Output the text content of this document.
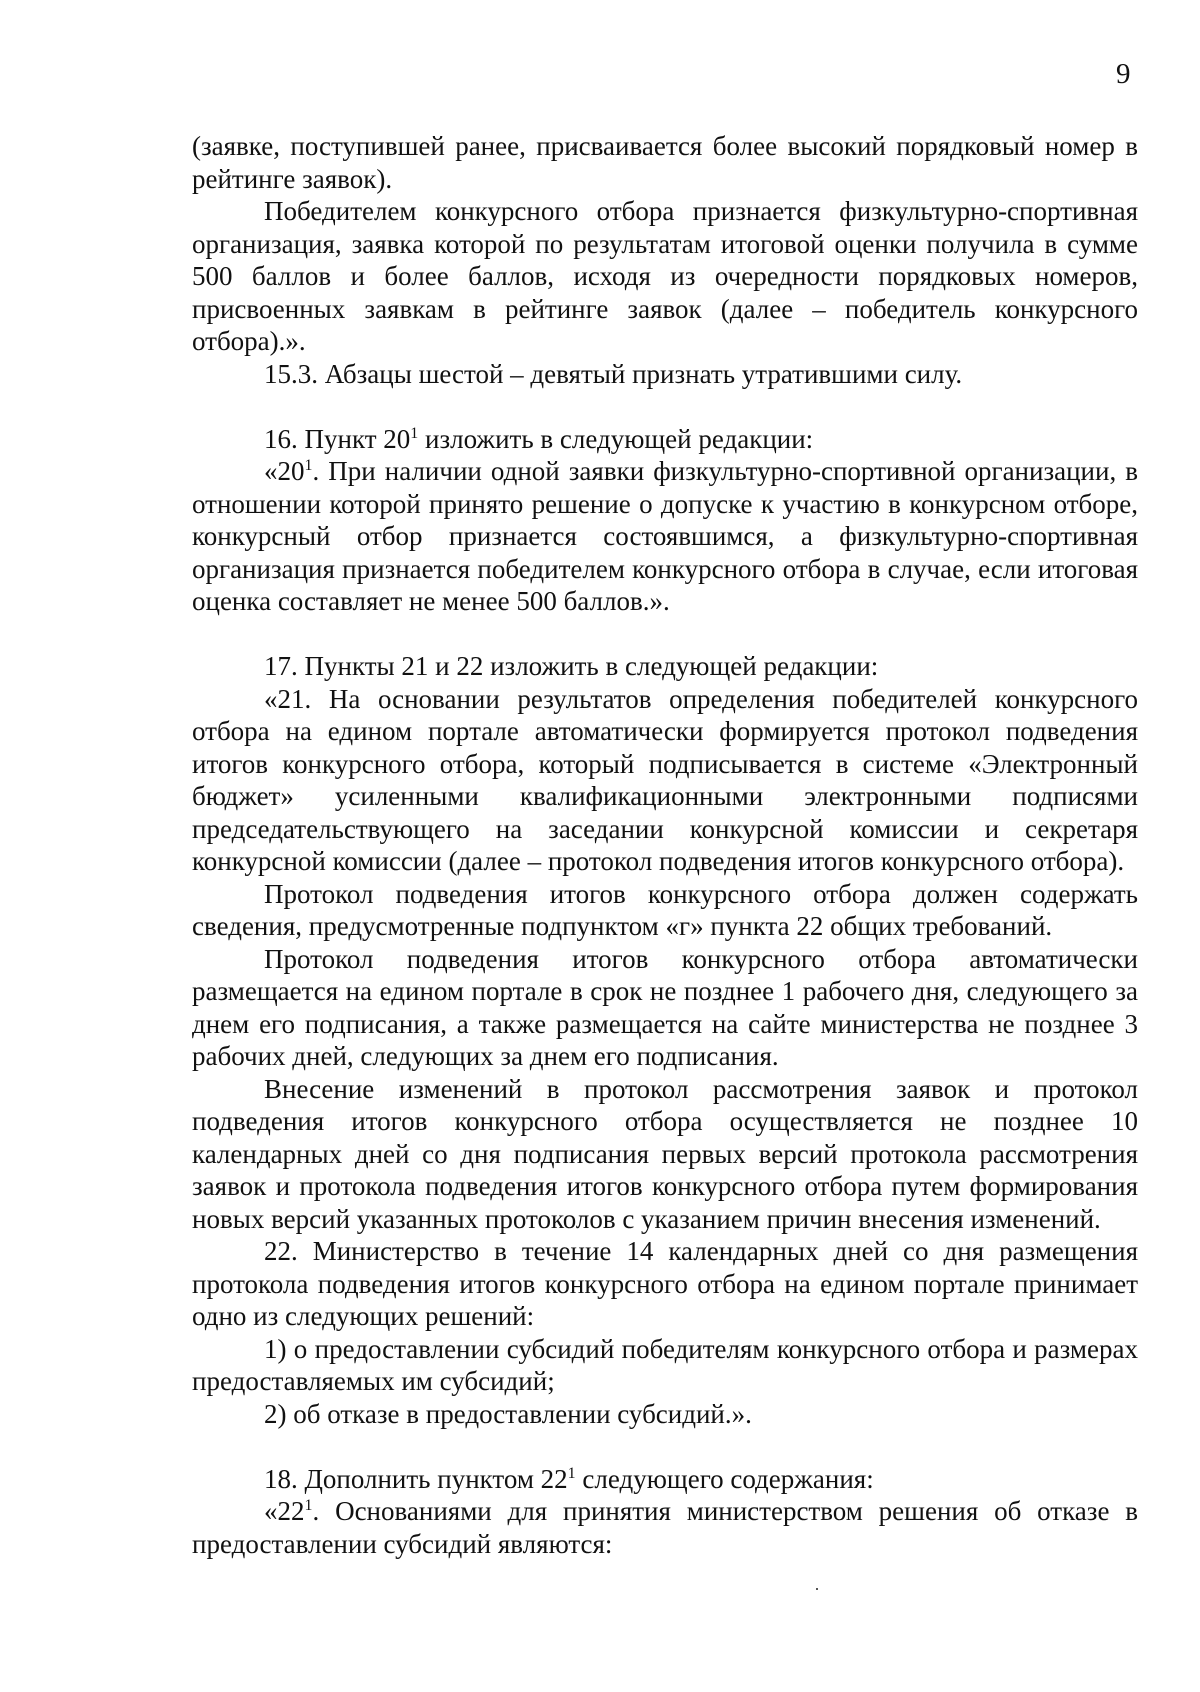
9

(заявке, поступившей ранее, присваивается более высокий порядковый номер в рейтинге заявок).

Победителем конкурсного отбора признается физкультурно-спортивная организация, заявка которой по результатам итоговой оценки получила в сумме 500 баллов и более баллов, исходя из очередности порядковых номеров, присвоенных заявкам в рейтинге заявок (далее – победитель конкурсного отбора).».

15.3. Абзацы шестой – девятый признать утратившими силу.

16. Пункт $20^1$ изложить в следующей редакции:

«$20^1$. При наличии одной заявки физкультурно-спортивной организации, в отношении которой принято решение о допуске к участию в конкурсном отборе, конкурсный отбор признается состоявшимся, а физкультурно-спортивная организация признается победителем конкурсного отбора в случае, если итоговая оценка составляет не менее 500 баллов.».

17. Пункты 21 и 22 изложить в следующей редакции:

«21. На основании результатов определения победителей конкурсного отбора на едином портале автоматически формируется протокол подведения итогов конкурсного отбора, который подписывается в системе «Электронный бюджет» усиленными квалификационными электронными подписями председательствующего на заседании конкурсной комиссии и секретаря конкурсной комиссии (далее – протокол подведения итогов конкурсного отбора).

Протокол подведения итогов конкурсного отбора должен содержать сведения, предусмотренные подпунктом «г» пункта 22 общих требований.

Протокол подведения итогов конкурсного отбора автоматически размещается на едином портале в срок не позднее 1 рабочего дня, следующего за днем его подписания, а также размещается на сайте министерства не позднее 3 рабочих дней, следующих за днем его подписания.

Внесение изменений в протокол рассмотрения заявок и протокол подведения итогов конкурсного отбора осуществляется не позднее 10 календарных дней со дня подписания первых версий протокола рассмотрения заявок и протокола подведения итогов конкурсного отбора путем формирования новых версий указанных протоколов с указанием причин внесения изменений.

22. Министерство в течение 14 календарных дней со дня размещения протокола подведения итогов конкурсного отбора на едином портале принимает одно из следующих решений:

1) о предоставлении субсидий победителям конкурсного отбора и размерах предоставляемых им субсидий;

2) об отказе в предоставлении субсидий.».

18. Дополнить пунктом $22^1$ следующего содержания:

«$22^1$. Основаниями для принятия министерством решения об отказе в предоставлении субсидий являются:
